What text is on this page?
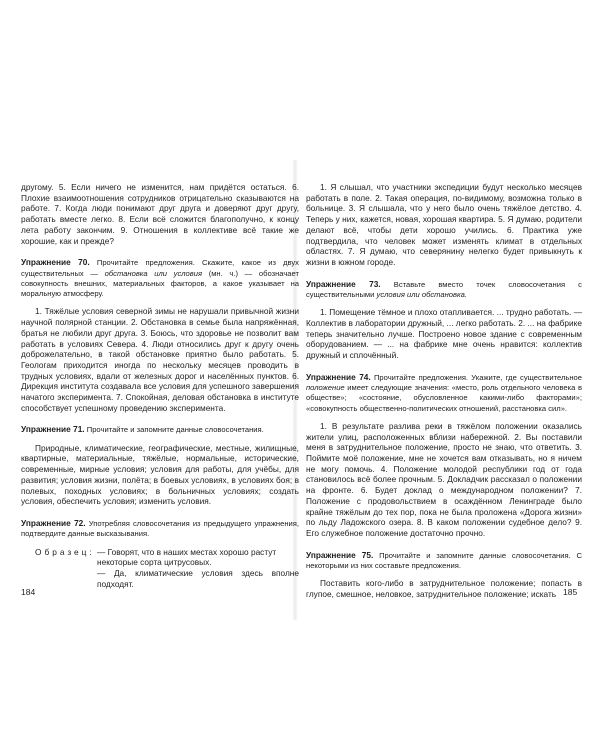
другому. 5. Если ничего не изменится, нам придётся остаться. 6. Плохие взаимоотношения сотрудников отрицательно сказываются на работе. 7. Когда люди понимают друг друга и доверяют друг другу, работать вместе легко. 8. Если всё сложится благополучно, к концу лета работу закончим. 9. Отношения в коллективе всё такие же хорошие, как и прежде?

Упражнение 70. Прочитайте предложения. Скажите, какое из двух существительных — обстановка или условия (мн. ч.) — обозначает совокупность внешних, материальных факторов, а какое указывает на моральную атмосферу.

1. Тяжёлые условия северной зимы не нарушали привычной жизни научной полярной станции. 2. Обстановка в семье была напряжённая, братья не любили друг друга. 3. Боюсь, что здоровье не позволит вам работать в условиях Севера. 4. Люди относились друг к другу очень доброжелательно, в такой обстановке приятно было работать. 5. Геологам приходится иногда по нескольку месяцев проводить в трудных условиях, вдали от железных дорог и населённых пунктов. 6. Дирекция института создавала все условия для успешного завершения начатого эксперимента. 7. Спокойная, деловая обстановка в институте способствует успешному проведению эксперимента.

Упражнение 71. Прочитайте и запомните данные словосочетания.

Природные, климатические, географические, местные, жилищные, квартирные, материальные, тяжёлые, нормальные, исторические, современные, мирные условия; условия для работы, для учёбы, для развития; условия жизни, полёта; в боевых условиях, в условиях боя; в полевых, походных условиях; в больничных условиях; создать условия, обеспечить условия; изменить условия.

Упражнение 72. Употребляя словосочетания из предыдущего упражнения, подтвердите данные высказывания.

Образец: — Говорят, что в наших местах хорошо растут

некоторые сорта цитрусовых.

— Да, климатические условия здесь вполне подходят.

184

1. Я слышал, что участники экспедиции будут несколько месяцев работать в поле. 2. Такая операция, по-видимому, возможна только в больнице. 3. Я слышала, что у него было очень тяжёлое детство. 4. Теперь у них, кажется, новая, хорошая квартира. 5. Я думаю, родители делают всё, чтобы дети хорошо учились. 6. Практика уже подтвердила, что человек может изменять климат в отдельных областях. 7. Я думаю, что северянину нелегко будет привыкнуть к жизни в южном городе.

Упражнение 73. Вставьте вместо точек словосочетания с существительными условия или обстановка.

1. Помещение тёмное и плохо отапливается. ... трудно работать. — Коллектив в лаборатории дружный, ... легко работать. 2. ... на фабрике теперь значительно лучше. Построено новое здание с современным оборудованием. — ... на фабрике мне очень нравится: коллектив дружный и сплочённый.

Упражнение 74. Прочитайте предложения. Укажите, где существительное положение имеет следующие значения: «место, роль отдельного человека в обществе»; «состояние, обусловленное какими-либо факторами»; «совокупность общественно-политических отношений, расстановка сил».

1. В результате разлива реки в тяжёлом положении оказались жители улиц, расположенных вблизи набережной. 2. Вы поставили меня в затруднительное положение, просто не знаю, что ответить. 3. Поймите моё положение, мне не хочется вам отказывать, но я ничем не могу помочь. 4. Положение молодой республики год от года становилось всё более прочным. 5. Докладчик рассказал о положении на фронте. 6. Будет доклад о международном положении? 7. Положение с продовольствием в осаждённом Ленинграде было крайне тяжёлым до тех пор, пока не была проложена «Дорога жизни» по льду Ладожского озера. 8. В каком положении судебное дело? 9. Его служебное положение достаточно прочно.

Упражнение 75. Прочитайте и запомните данные словосочетания. С некоторыми из них составьте предложения.

Поставить кого-либо в затруднительное положение; попасть в глупое, смешное, неловкое, затруднительное положение; искать 185
